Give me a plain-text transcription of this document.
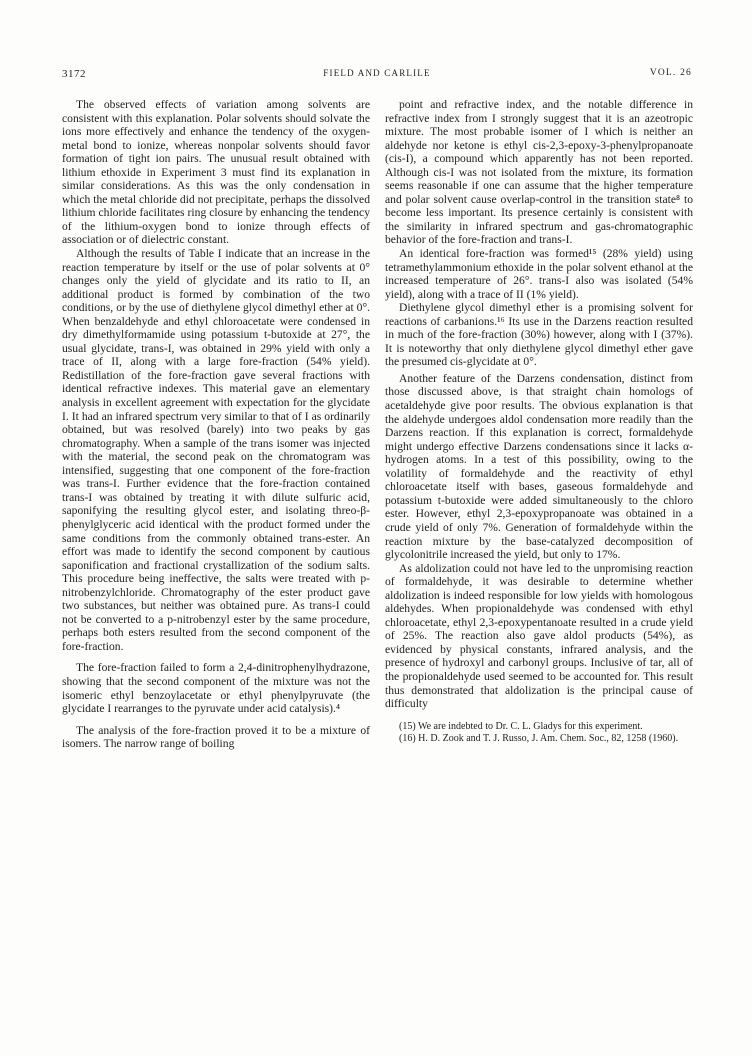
3172	FIELD AND CARLILE	VOL. 26

The observed effects of variation among solvents are consistent with this explanation. Polar solvents should solvate the ions more effectively and enhance the tendency of the oxygen-metal bond to ionize, whereas nonpolar solvents should favor formation of tight ion pairs. The unusual result obtained with lithium ethoxide in Experiment 3 must find its explanation in similar considerations. As this was the only condensation in which the metal chloride did not precipitate, perhaps the dissolved lithium chloride facilitates ring closure by enhancing the tendency of the lithium-oxygen bond to ionize through effects of association or of dielectric constant.

Although the results of Table I indicate that an increase in the reaction temperature by itself or the use of polar solvents at 0° changes only the yield of glycidate and its ratio to II, an additional product is formed by combination of the two conditions, or by the use of diethylene glycol dimethyl ether at 0°. When benzaldehyde and ethyl chloroacetate were condensed in dry dimethylformamide using potassium t-butoxide at 27°, the usual glycidate, trans-I, was obtained in 29% yield with only a trace of II, along with a large fore-fraction (54% yield). Redistillation of the fore-fraction gave several fractions with identical refractive indexes. This material gave an elementary analysis in excellent agreement with expectation for the glycidate I. It had an infrared spectrum very similar to that of I as ordinarily obtained, but was resolved (barely) into two peaks by gas chromatography. When a sample of the trans isomer was injected with the material, the second peak on the chromatogram was intensified, suggesting that one component of the fore-fraction was trans-I. Further evidence that the fore-fraction contained trans-I was obtained by treating it with dilute sulfuric acid, saponifying the resulting glycol ester, and isolating threo-β-phenylglyceric acid identical with the product formed under the same conditions from the commonly obtained trans-ester. An effort was made to identify the second component by cautious saponification and fractional crystallization of the sodium salts. This procedure being ineffective, the salts were treated with p-nitrobenzylchloride. Chromatography of the ester product gave two substances, but neither was obtained pure. As trans-I could not be converted to a p-nitrobenzyl ester by the same procedure, perhaps both esters resulted from the second component of the fore-fraction.

The fore-fraction failed to form a 2,4-dinitrophenylhydrazone, showing that the second component of the mixture was not the isomeric ethyl benzoylacetate or ethyl phenylpyruvate (the glycidate I rearranges to the pyruvate under acid catalysis).⁴

The analysis of the fore-fraction proved it to be a mixture of isomers. The narrow range of boiling

point and refractive index, and the notable difference in refractive index from I strongly suggest that it is an azeotropic mixture. The most probable isomer of I which is neither an aldehyde nor ketone is ethyl cis-2,3-epoxy-3-phenylpropanoate (cis-I), a compound which apparently has not been reported. Although cis-I was not isolated from the mixture, its formation seems reasonable if one can assume that the higher temperature and polar solvent cause overlap-control in the transition state⁸ to become less important. Its presence certainly is consistent with the similarity in infrared spectrum and gas-chromatographic behavior of the fore-fraction and trans-I.

An identical fore-fraction was formed¹⁵ (28% yield) using tetramethylammonium ethoxide in the polar solvent ethanol at the increased temperature of 26°. trans-I also was isolated (54% yield), along with a trace of II (1% yield).

Diethylene glycol dimethyl ether is a promising solvent for reactions of carbanions.¹⁶ Its use in the Darzens reaction resulted in much of the fore-fraction (30%) however, along with I (37%). It is noteworthy that only diethylene glycol dimethyl ether gave the presumed cis-glycidate at 0°.

Another feature of the Darzens condensation, distinct from those discussed above, is that straight chain homologs of acetaldehyde give poor results. The obvious explanation is that the aldehyde undergoes aldol condensation more readily than the Darzens reaction. If this explanation is correct, formaldehyde might undergo effective Darzens condensations since it lacks α-hydrogen atoms. In a test of this possibility, owing to the volatility of formaldehyde and the reactivity of ethyl chloroacetate itself with bases, gaseous formaldehyde and potassium t-butoxide were added simultaneously to the chloro ester. However, ethyl 2,3-epoxypropanoate was obtained in a crude yield of only 7%. Generation of formaldehyde within the reaction mixture by the base-catalyzed decomposition of glycolonitrile increased the yield, but only to 17%.

As aldolization could not have led to the unpromising reaction of formaldehyde, it was desirable to determine whether aldolization is indeed responsible for low yields with homologous aldehydes. When propionaldehyde was condensed with ethyl chloroacetate, ethyl 2,3-epoxypentanoate resulted in a crude yield of 25%. The reaction also gave aldol products (54%), as evidenced by physical constants, infrared analysis, and the presence of hydroxyl and carbonyl groups. Inclusive of tar, all of the propionaldehyde used seemed to be accounted for. This result thus demonstrated that aldolization is the principal cause of difficulty

(15) We are indebted to Dr. C. L. Gladys for this experiment.

(16) H. D. Zook and T. J. Russo, J. Am. Chem. Soc., 82, 1258 (1960).
